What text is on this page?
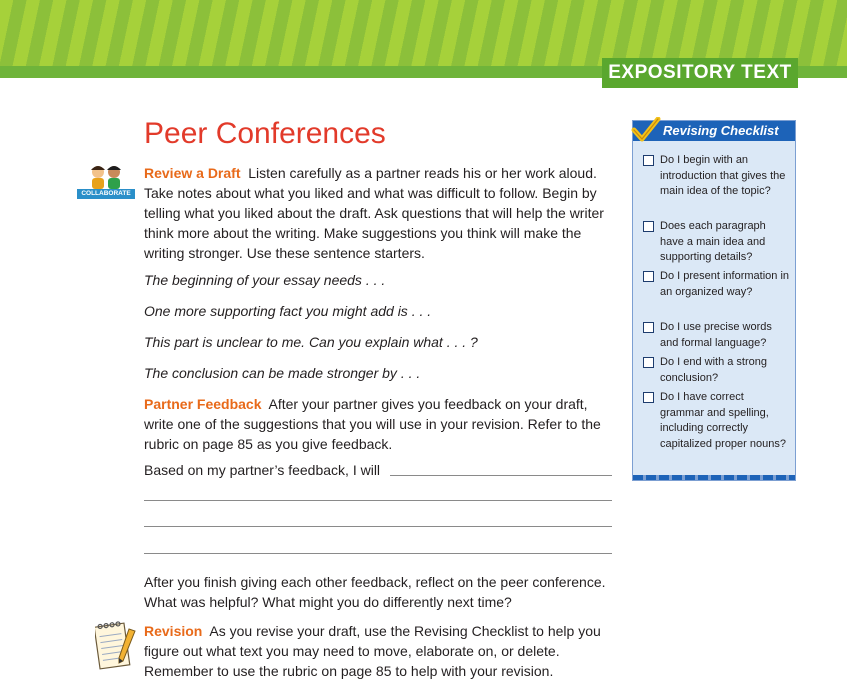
EXPOSITORY TEXT
Peer Conferences
COLLABORATE

Review a Draft Listen carefully as a partner reads his or her work aloud. Take notes about what you liked and what was difficult to follow. Begin by telling what you liked about the draft. Ask questions that will help the writer think more about the writing. Make suggestions you think will make the writing stronger. Use these sentence starters.

The beginning of your essay needs . . .

One more supporting fact you might add is . . .

This part is unclear to me. Can you explain what . . . ?

The conclusion can be made stronger by . . .

Partner Feedback After your partner gives you feedback on your draft, write one of the suggestions that you will use in your revision. Refer to the rubric on page 85 as you give feedback.

Based on my partner’s feedback, I will

After you finish giving each other feedback, reflect on the peer conference. What was helpful? What might you do differently next time?

Revision As you revise your draft, use the Revising Checklist to help you figure out what text you may need to move, elaborate on, or delete. Remember to use the rubric on page 85 to help with your revision.

Revising Checklist
Do I begin with an introduction that gives the main idea of the topic?
Does each paragraph have a main idea and supporting details?
Do I present information in an organized way?
Do I use precise words and formal language?
Do I end with a strong conclusion?
Do I have correct grammar and spelling, including correctly capitalized proper nouns?
